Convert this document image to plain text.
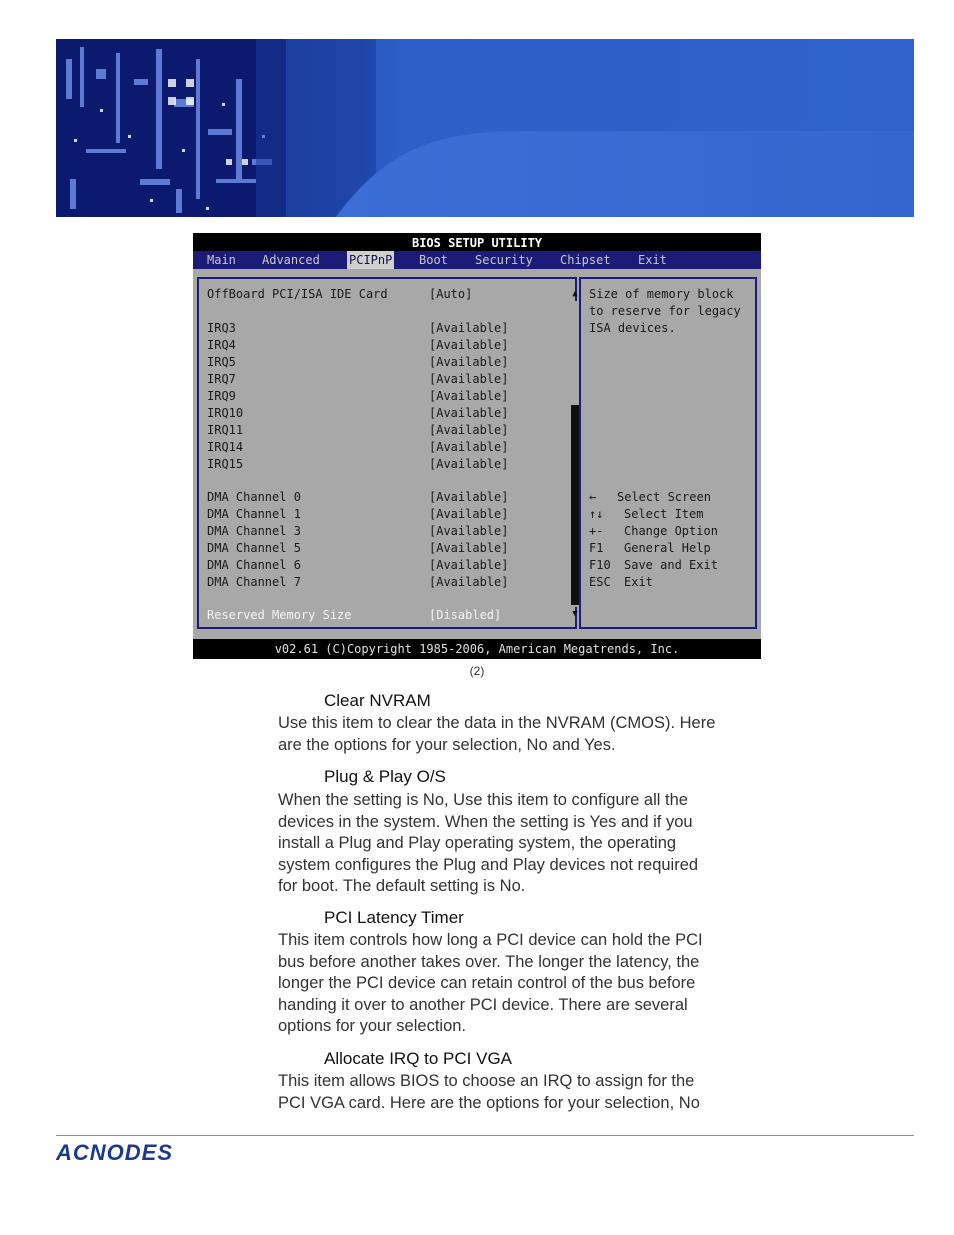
BIOS SETUP UTILITY
Main Advanced PCIPnP Boot Security Chipset Exit
OffBoard PCI/ISA IDE Card	[Auto]
IRQ3	[Available]
IRQ4	[Available]
IRQ5	[Available]
IRQ7	[Available]
IRQ9	[Available]
IRQ10	[Available]
IRQ11	[Available]
IRQ14	[Available]
IRQ15	[Available]
DMA Channel 0	[Available]
DMA Channel 1	[Available]
DMA Channel 3	[Available]
DMA Channel 5	[Available]
DMA Channel 6	[Available]
DMA Channel 7	[Available]
Reserved Memory Size	[Disabled]
▲
▼
Size of memory block
to reserve for legacy
ISA devices.
← Select Screen
↑↓ Select Item
+- Change Option
F1 General Help
F10 Save and Exit
ESC Exit
v02.61 (C)Copyright 1985-2006, American Megatrends, Inc.
(2)
Clear NVRAM
Use this item to clear the data in the NVRAM (CMOS). Here
are the options for your selection, No and Yes.
Plug & Play O/S
When the setting is No, Use this item to configure all the
devices in the system. When the setting is Yes and if you
install a Plug and Play operating system, the operating
system configures the Plug and Play devices not required
for boot. The default setting is No.
PCI Latency Timer
This item controls how long a PCI device can hold the PCI
bus before another takes over. The longer the latency, the
longer the PCI device can retain control of the bus before
handing it over to another PCI device. There are several
options for your selection.
Allocate IRQ to PCI VGA
This item allows BIOS to choose an IRQ to assign for the
PCI VGA card. Here are the options for your selection, No
ACNODES
